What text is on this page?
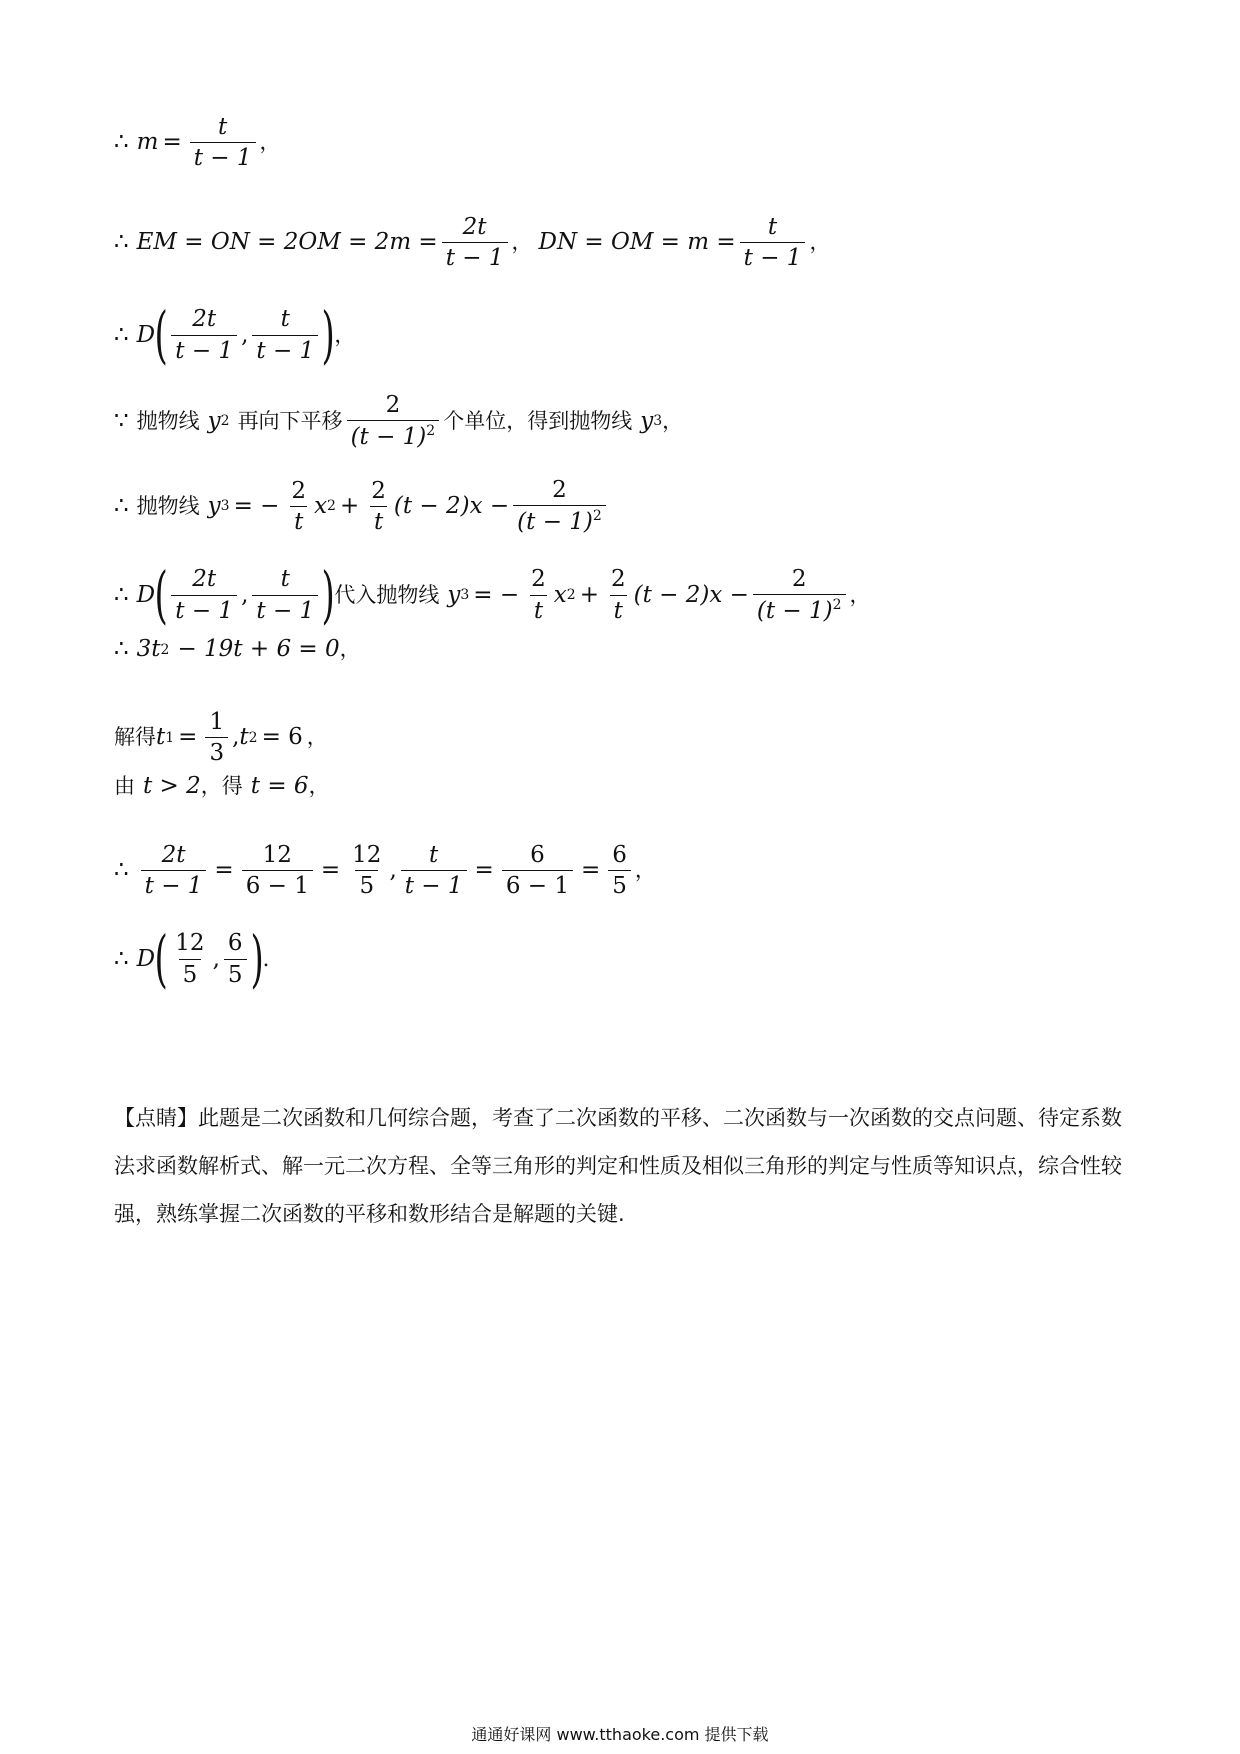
∴ $m = \frac{t}{t - 1}$ ，
∴ EM = ON = $2OM = 2m = \frac{2t}{t - 1}$ ， DN = OM = $m = \frac{t}{t - 1}$ ，
∴ D ( $\frac{2t}{t - 1}$ , $\frac{t}{t - 1}$ ) ，
∵ 抛物线 y 2 再向下平移 $\frac{2}{(t - 1)^2}$ 个单位，得到抛物线 y 3 ，
∴ 抛物线 y 3 = − $\frac{2}{t}$ x $2 + \frac{2}{t} (t - 2)x - \frac{2}{(t - 1)^2}$
∴ D ( $\frac{2t}{t - 1}$ , $\frac{t}{t - 1}$ ) 代入抛物线 y 3 = − $\frac{2}{t}$ x $2 + \frac{2}{t} (t - 2)x - \frac{2}{(t - 1)^2}$ ，
∴ 3t 2 − 19t + 6 = 0 ，
解得 t $1 = \frac{1}{3}$ , t 2 = 6 ，
由 t > 2 ，得 t = 6 ，
∴ $\frac{2t}{t - 1} = \frac{12}{6 - 1} = \frac{12}{5}$ , $\frac{t}{t - 1} = \frac{6}{6 - 1} = \frac{6}{5}$ ，
∴ D ( $\frac{12}{5}$ , $\frac{6}{5}$ ) ．
【点睛】此题是二次函数和几何综合题，考查了二次函数的平移、二次函数与一次函数的交点问题、待定系数法求函数解析式、解一元二次方程、全等三角形的判定和性质及相似三角形的判定与性质等知识点，综合性较强，熟练掌握二次函数的平移和数形结合是解题的关键.
通通好课网 www.tthaoke.com 提供下载
